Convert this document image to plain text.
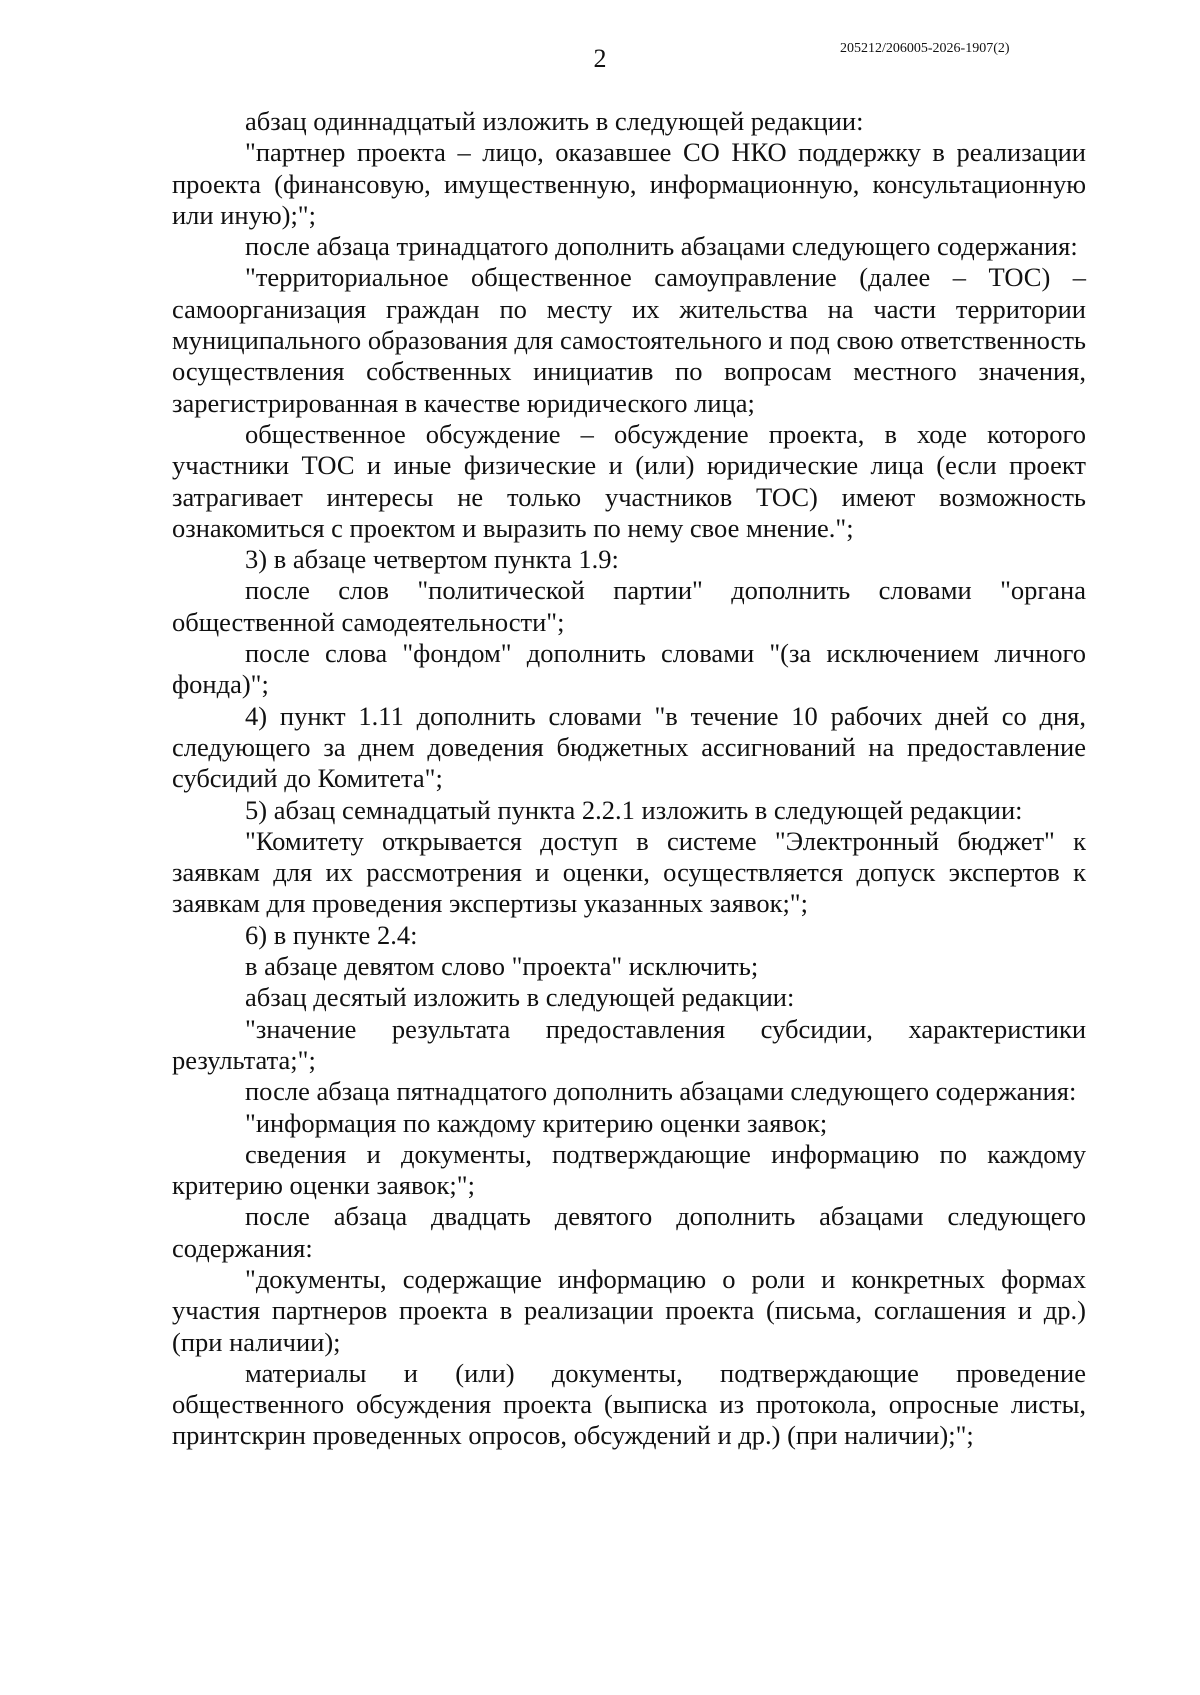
2	205212/206005-2026-1907(2)

абзац одиннадцатый изложить в следующей редакции:

"партнер проекта – лицо, оказавшее СО НКО поддержку в реализации проекта (финансовую, имущественную, информационную, консультационную или иную);";

после абзаца тринадцатого дополнить абзацами следующего содержания:

"территориальное общественное самоуправление (далее – ТОС) – самоорганизация граждан по месту их жительства на части территории муниципального образования для самостоятельного и под свою ответственность осуществления собственных инициатив по вопросам местного значения, зарегистрированная в качестве юридического лица;

общественное обсуждение – обсуждение проекта, в ходе которого участники ТОС и иные физические и (или) юридические лица (если проект затрагивает интересы не только участников ТОС) имеют возможность ознакомиться с проектом и выразить по нему свое мнение.";

3) в абзаце четвертом пункта 1.9:

после слов "политической партии" дополнить словами "органа общественной самодеятельности";

после слова "фондом" дополнить словами "(за исключением личного фонда)";

4) пункт 1.11 дополнить словами "в течение 10 рабочих дней со дня, следующего за днем доведения бюджетных ассигнований на предоставление субсидий до Комитета";

5) абзац семнадцатый пункта 2.2.1 изложить в следующей редакции:

"Комитету открывается доступ в системе "Электронный бюджет" к заявкам для их рассмотрения и оценки, осуществляется допуск экспертов к заявкам для проведения экспертизы указанных заявок;";

6) в пункте 2.4:

в абзаце девятом слово "проекта" исключить;

абзац десятый изложить в следующей редакции:

"значение результата предоставления субсидии, характеристики результата;";

после абзаца пятнадцатого дополнить абзацами следующего содержания:

"информация по каждому критерию оценки заявок;

сведения и документы, подтверждающие информацию по каждому критерию оценки заявок;";

после абзаца двадцать девятого дополнить абзацами следующего содержания:

"документы, содержащие информацию о роли и конкретных формах участия партнеров проекта в реализации проекта (письма, соглашения и др.) (при наличии);

материалы и (или) документы, подтверждающие проведение общественного обсуждения проекта (выписка из протокола, опросные листы, принтскрин проведенных опросов, обсуждений и др.) (при наличии);";
